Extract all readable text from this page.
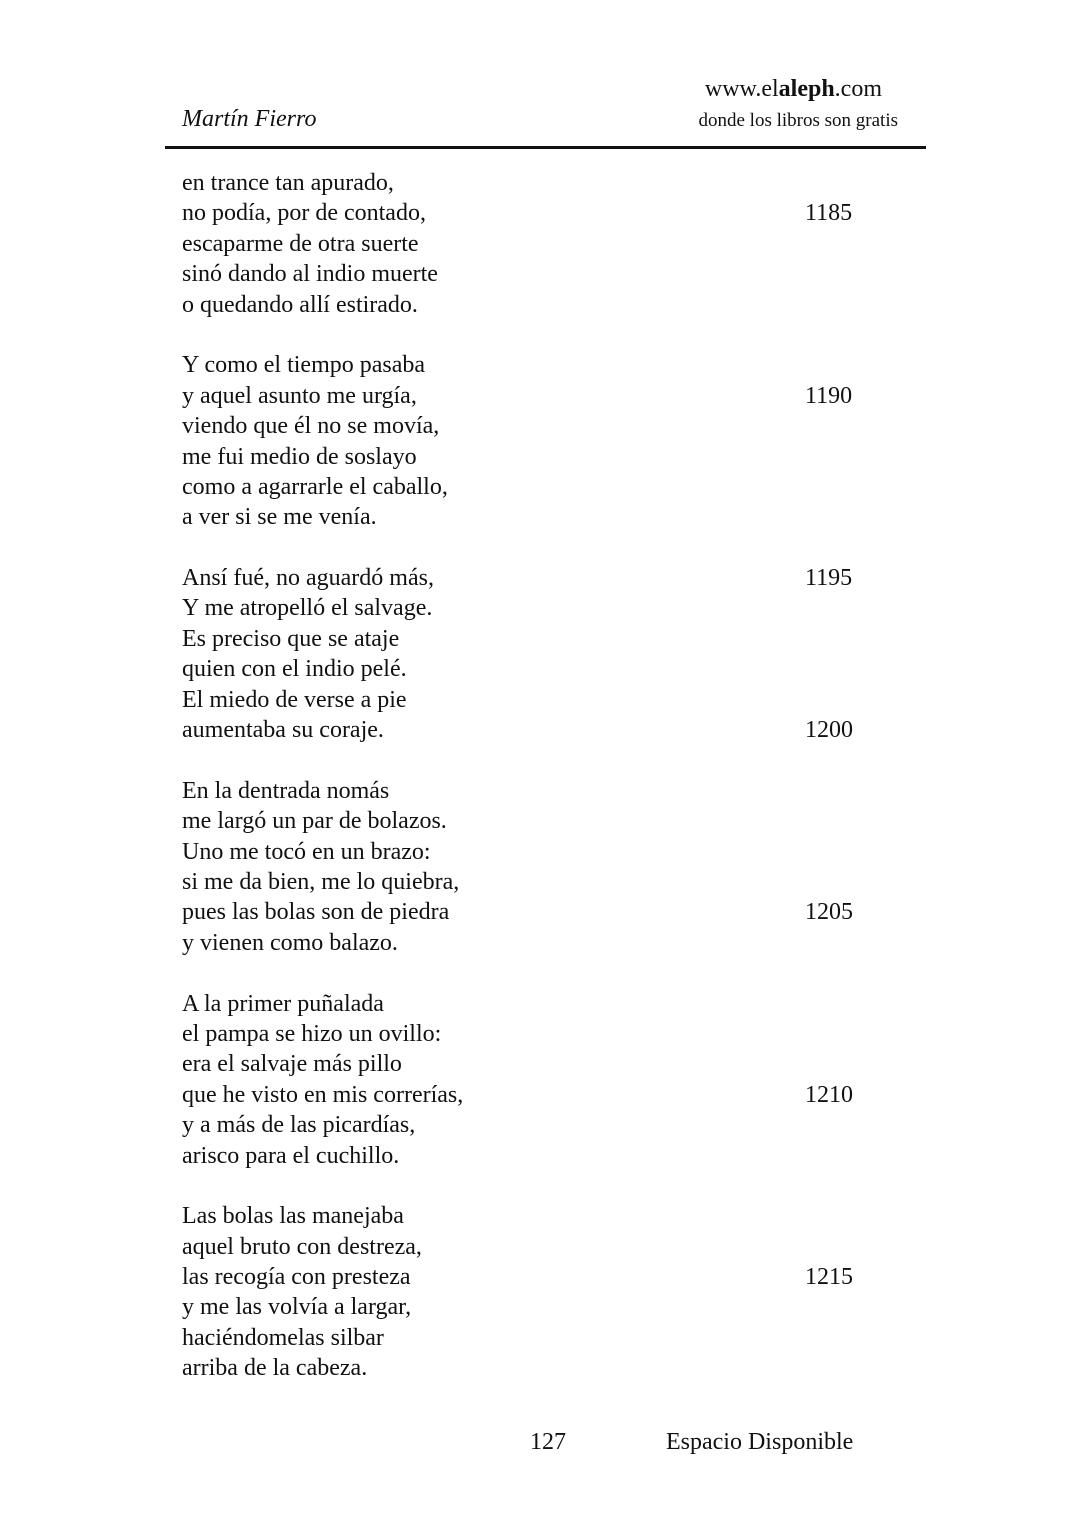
Martín Fierro
www.elaleph.com
donde los libros son gratis
en trance tan apurado,
no podía, por de contado,	1185
escaparme de otra suerte
sinó dando al indio muerte
o quedando allí estirado.
Y como el tiempo pasaba
y aquel asunto me urgía,	1190
viendo que él no se movía,
me fui medio de soslayo
como a agarrarle el caballo,
a ver si se me venía.
Ansí fué, no aguardó más,	1195
Y me atropelló el salvage.
Es preciso que se ataje
quien con el indio pelé.
El miedo de verse a pie
aumentaba su coraje.	1200
En la dentrada nomás
me largó un par de bolazos.
Uno me tocó en un brazo:
si me da bien, me lo quiebra,
pues las bolas son de piedra	1205
y vienen como balazo.
A la primer puñalada
el pampa se hizo un ovillo:
era el salvaje más pillo
que he visto en mis correrías,	1210
y a más de las picardías,
arisco para el cuchillo.
Las bolas las manejaba
aquel bruto con destreza,
las recogía con presteza	1215
y me las volvía a largar,
haciéndomelas silbar
arriba de la cabeza.
127	Espacio Disponible
